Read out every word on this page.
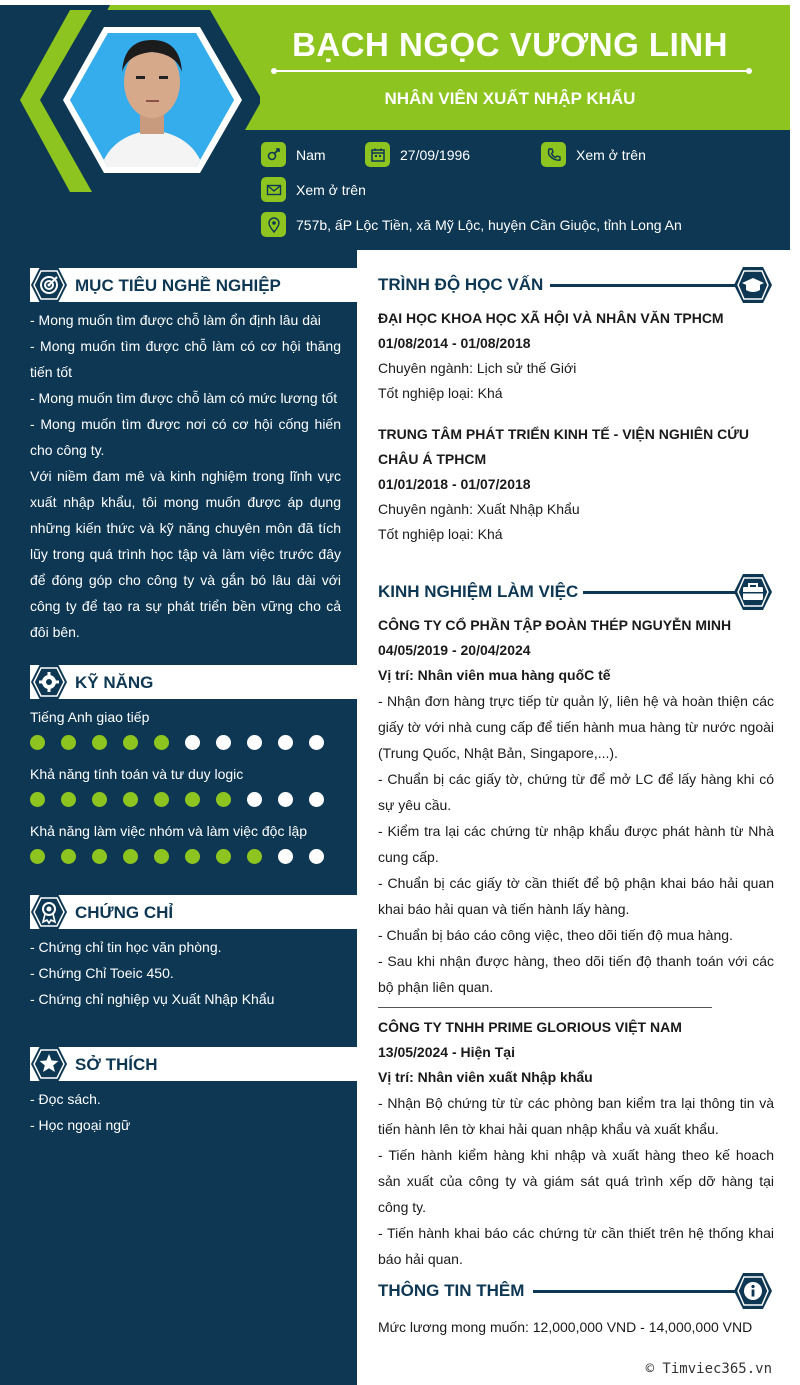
BẠCH NGỌC VƯƠNG LINH
NHÂN VIÊN XUẤT NHẬP KHẨU
Nam	27/09/1996	Xem ở trên
Xem ở trên
757b, ấP Lộc Tiền, xã Mỹ Lộc, huyện Cần Giuộc, tỉnh Long An
MỤC TIÊU NGHỀ NGHIỆP

- Mong muốn tìm được chỗ làm ổn định lâu dài

- Mong muốn tìm được chỗ làm có cơ hội thăng tiến tốt

- Mong muốn tìm được chỗ làm có mức lương tốt

- Mong muốn tìm được nơi có cơ hội cống hiến cho công ty.

Với niềm đam mê và kinh nghiệm trong lĩnh vực xuất nhập khẩu, tôi mong muốn được áp dụng những kiến thức và kỹ năng chuyên môn đã tích lũy trong quá trình học tập và làm việc trước đây để đóng góp cho công ty và gắn bó lâu dài với công ty để tạo ra sự phát triển bền vững cho cả đôi bên.

KỸ NĂNG
Tiếng Anh giao tiếp
Khả năng tính toán và tư duy logic
Khả năng làm việc nhóm và làm việc độc lập
CHỨNG CHỈ

- Chứng chỉ tin học văn phòng.

- Chứng Chỉ Toeic 450.

- Chứng chỉ nghiệp vụ Xuất Nhập Khẩu

SỞ THÍCH

- Đọc sách.

- Học ngoại ngữ

TRÌNH ĐỘ HỌC VẤN

ĐẠI HỌC KHOA HỌC XÃ HỘI VÀ NHÂN VĂN TPHCM

01/08/2014 - 01/08/2018

Chuyên ngành: Lịch sử thế Giới

Tốt nghiệp loại: Khá

TRUNG TÂM PHÁT TRIỂN KINH TẾ - VIỆN NGHIÊN CỨU CHÂU Á TPHCM

01/01/2018 - 01/07/2018

Chuyên ngành: Xuất Nhập Khẩu

Tốt nghiệp loại: Khá

KINH NGHIỆM LÀM VIỆC

CÔNG TY CỔ PHẦN TẬP ĐOÀN THÉP NGUYỄN MINH

04/05/2019 - 20/04/2024

Vị trí: Nhân viên mua hàng quốC tế

- Nhận đơn hàng trực tiếp từ quản lý, liên hệ và hoàn thiện các giấy tờ với nhà cung cấp để tiến hành mua hàng từ nước ngoài (Trung Quốc, Nhật Bản, Singapore,...).

- Chuẩn bị các giấy tờ, chứng từ để mở LC để lấy hàng khi có sự yêu cầu.

- Kiểm tra lại các chứng từ nhập khẩu được phát hành từ Nhà cung cấp.

- Chuẩn bị các giấy tờ cần thiết để bộ phận khai báo hải quan khai báo hải quan và tiến hành lấy hàng.

- Chuẩn bị báo cáo công việc, theo dõi tiến độ mua hàng.

- Sau khi nhận được hàng, theo dõi tiến độ thanh toán với các bộ phận liên quan.

CÔNG TY TNHH PRIME GLORIOUS VIỆT NAM

13/05/2024 - Hiện Tại

Vị trí: Nhân viên xuất Nhập khẩu

- Nhận Bộ chứng từ từ các phòng ban kiểm tra lại thông tin và tiến hành lên tờ khai hải quan nhập khẩu và xuất khẩu.

- Tiến hành kiểm hàng khi nhập và xuất hàng theo kế hoach sản xuất của công ty và giám sát quá trình xếp dỡ hàng tại công ty.

- Tiến hành khai báo các chứng từ cần thiết trên hệ thống khai báo hải quan.

THÔNG TIN THÊM
Mức lương mong muốn: 12,000,000 VND - 14,000,000 VND
© Timviec365.vn
